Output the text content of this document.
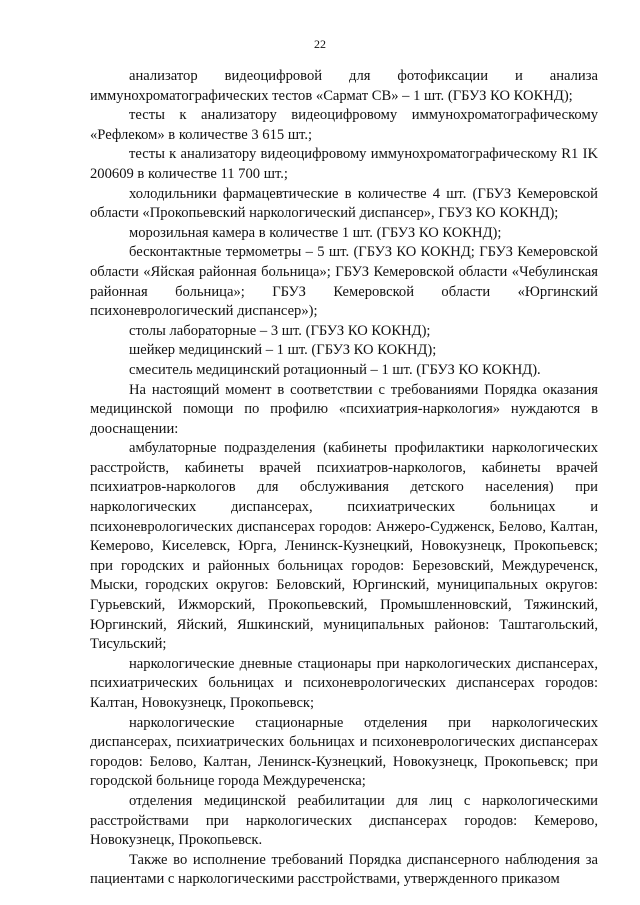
22

анализатор видеоцифровой для фотофиксации и анализа иммунохроматографических тестов «Сармат СВ» – 1 шт. (ГБУЗ КО КОКНД);

тесты к анализатору видеоцифровому иммунохроматографическому «Рефлеком» в количестве 3 615 шт.;

тесты к анализатору видеоцифровому иммунохроматографическому R1 IK 200609 в количестве 11 700 шт.;

холодильники фармацевтические в количестве 4 шт. (ГБУЗ Кемеровской области «Прокопьевский наркологический диспансер», ГБУЗ КО КОКНД);

морозильная камера в количестве 1 шт. (ГБУЗ КО КОКНД);

бесконтактные термометры – 5 шт. (ГБУЗ КО КОКНД; ГБУЗ Кемеровской области «Яйская районная больница»; ГБУЗ Кемеровской области «Чебулинская районная больница»; ГБУЗ Кемеровской области «Юргинский психоневрологический диспансер»);

столы лабораторные – 3 шт. (ГБУЗ КО КОКНД);

шейкер медицинский – 1 шт. (ГБУЗ КО КОКНД);

смеситель медицинский ротационный – 1 шт. (ГБУЗ КО КОКНД).

На настоящий момент в соответствии с требованиями Порядка оказания медицинской помощи по профилю «психиатрия-наркология» нуждаются в дооснащении:

амбулаторные подразделения (кабинеты профилактики наркологических расстройств, кабинеты врачей психиатров-наркологов, кабинеты врачей психиатров-наркологов для обслуживания детского населения) при наркологических диспансерах, психиатрических больницах и психоневрологических диспансерах городов: Анжеро-Судженск, Белово, Калтан, Кемерово, Киселевск, Юрга, Ленинск-Кузнецкий, Новокузнецк, Прокопьевск; при городских и районных больницах городов: Березовский, Междуреченск, Мыски, городских округов: Беловский, Юргинский, муниципальных округов: Гурьевский, Ижморский, Прокопьевский, Промышленновский, Тяжинский, Юргинский, Яйский, Яшкинский, муниципальных районов: Таштагольский, Тисульский;

наркологические дневные стационары при наркологических диспансерах, психиатрических больницах и психоневрологических диспансерах городов: Калтан, Новокузнецк, Прокопьевск;

наркологические стационарные отделения при наркологических диспансерах, психиатрических больницах и психоневрологических диспансерах городов: Белово, Калтан, Ленинск-Кузнецкий, Новокузнецк, Прокопьевск; при городской больнице города Междуреченска;

отделения медицинской реабилитации для лиц с наркологическими расстройствами при наркологических диспансерах городов: Кемерово, Новокузнецк, Прокопьевск.

Также во исполнение требований Порядка диспансерного наблюдения за пациентами с наркологическими расстройствами, утвержденного приказом
